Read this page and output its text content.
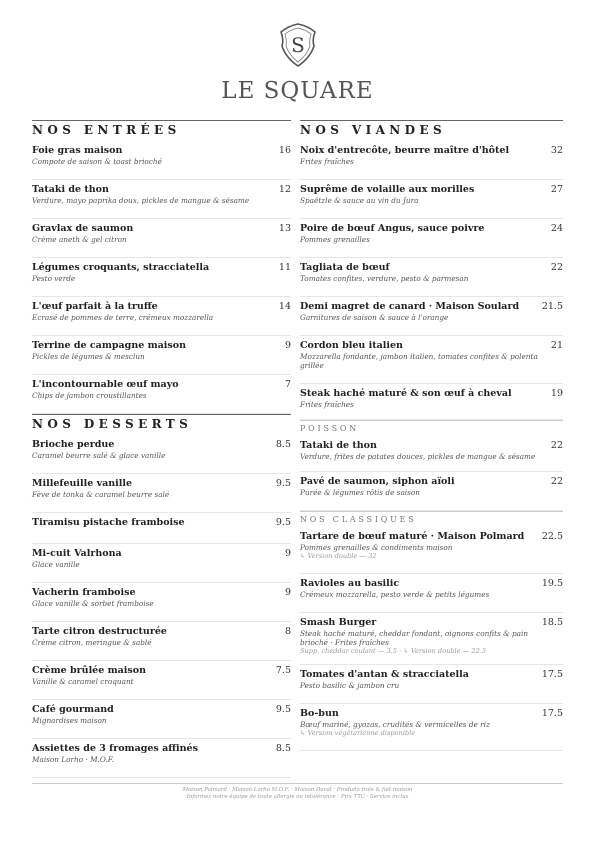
S
LE SQUARE
NOS ENTRÉES
Foie gras maison	16
Compote de saison & toast brioché
Tataki de thon	12
Verdure, mayo paprika doux, pickles de mangue & sésame
Gravlax de saumon	13
Crème aneth & gel citron
Légumes croquants, stracciatella	11
Pesto verde
L'œuf parfait à la truffe	14
Ecrasé de pommes de terre, crémeux mozzarella
Terrine de campagne maison	9
Pickles de légumes & mesclun
L'incontournable œuf mayo	7
Chips de jambon croustillantes
NOS DESSERTS
Brioche perdue	8.5
Caramel beurre salé & glace vanille
Millefeuille vanille	9.5
Fève de tonka & caramel beurre salé
Tiramisu pistache framboise	9.5
Mi-cuit Valrhona	9
Glace vanille
Vacherin framboise	9
Glace vanille & sorbet framboise
Tarte citron destructurée	8
Crème citron, meringue & sablé
Crème brûlée maison	7.5
Vanille & caramel croquant
Café gourmand	9.5
Mignardises maison
Assiettes de 3 fromages affinés	8.5
Maison Lorho · M.O.F.
NOS VIANDES
Noix d'entrecôte, beurre maître d'hôtel	32
Frites fraîches
Suprême de volaille aux morilles	27
Spaëtzle & sauce au vin du Jura
Poire de bœuf Angus, sauce poivre	24
Pommes grenailles
Tagliata de bœuf	22
Tomates confites, verdure, pesto & parmesan
Demi magret de canard · Maison Soulard	21.5
Garnitures de saison & sauce à l'orange
Cordon bleu italien	21
Mozzarella fondante, jambon italien, tomates confites & polenta grillée
Steak haché maturé & son œuf à cheval	19
Frites fraîches
POISSON
Tataki de thon	22
Verdure, frites de patates douces, pickles de mangue & sésame
Pavé de saumon, siphon aïoli	22
Purée & légumes rôtis de saison
NOS CLASSIQUES
Tartare de bœuf maturé · Maison Polmard	22.5
Pommes grenailles & condiments maison
↳ Version double — 32
Ravioles au basilic	19.5
Crémeux mozzarella, pesto verde & petits légumes
Smash Burger	18.5
Steak haché maturé, cheddar fondant, oignons confits & pain brioché · Frites fraîches
Supp. cheddar coulant — 3.5 · ↳ Version double — 22.5
Tomates d'antan & stracciatella	17.5
Pesto basilic & jambon cru
Bo-bun	17.5
Bœuf mariné, gyozas, crudités & vermicelles de riz
↳ Version végétarienne disponible
Maison Polmard · Maison Lorho M.O.F. · Maison Daval · Produits frais & fait-maison
Informez notre équipe de toute allergie ou intolérance · Prix TTC · Service inclus
